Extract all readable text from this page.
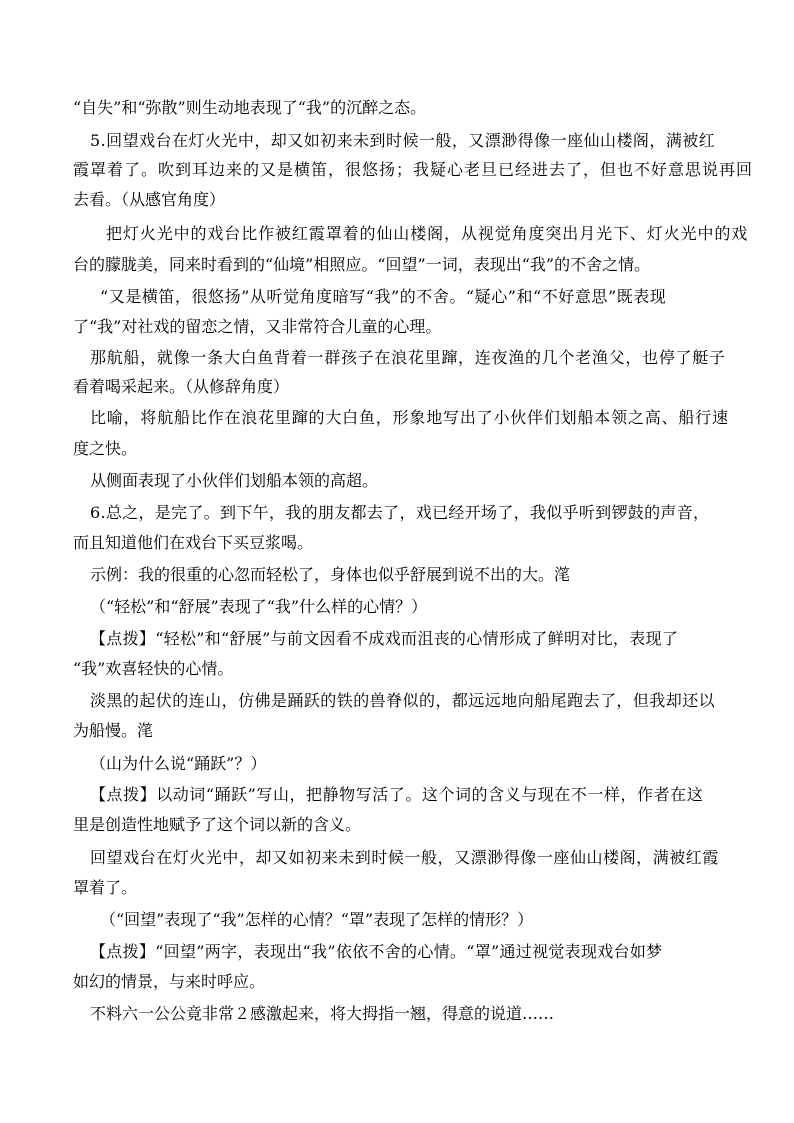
“自失”和“弥散”则生动地表现了“我”的沉醉之态。

5.回望戏台在灯火光中，却又如初来未到时候一般，又漂渺得像一座仙山楼阁，满被红

霞罩着了。吹到耳边来的又是横笛，很悠扬；我疑心老旦已经进去了，但也不好意思说再回

去看。（从感官角度）

把灯火光中的戏台比作被红霞罩着的仙山楼阁，从视觉角度突出月光下、灯火光中的戏

台的朦胧美，同来时看到的“仙境”相照应。“回望”一词，表现出“我”的不舍之情。

“又是横笛，很悠扬”从听觉角度暗写“我”的不舍。“疑心”和“不好意思”既表现

了“我”对社戏的留恋之情，又非常符合儿童的心理。

那航船，就像一条大白鱼背着一群孩子在浪花里蹿，连夜渔的几个老渔父，也停了艇子

看着喝采起来。（从修辞角度）

比喻，将航船比作在浪花里蹿的大白鱼，形象地写出了小伙伴们划船本领之高、船行速

度之快。

从侧面表现了小伙伴们划船本领的高超。

6.总之，是完了。到下午，我的朋友都去了，戏已经开场了，我似乎听到锣鼓的声音，

而且知道他们在戏台下买豆浆喝。

示例：我的很重的心忽而轻松了，身体也似乎舒展到说不出的大。滗

（“轻松”和“舒展”表现了“我”什么样的心情？）

【点拨】“轻松”和“舒展”与前文因看不成戏而沮丧的心情形成了鲜明对比，表现了

“我”欢喜轻快的心情。

淡黑的起伏的连山，仿佛是踊跃的铁的兽脊似的，都远远地向船尾跑去了，但我却还以

为船慢。滗

（山为什么说“踊跃”？）

【点拨】以动词“踊跃”写山，把静物写活了。这个词的含义与现在不一样，作者在这

里是创造性地赋予了这个词以新的含义。

回望戏台在灯火光中，却又如初来未到时候一般，又漂渺得像一座仙山楼阁，满被红霞

罩着了。

（“回望”表现了“我”怎样的心情？“罩”表现了怎样的情形？）

【点拨】“回望”两字，表现出“我”依依不舍的心情。“罩”通过视觉表现戏台如梦

如幻的情景，与来时呼应。

不料六一公公竟非常２感激起来，将大拇指一翘，得意的说道……
